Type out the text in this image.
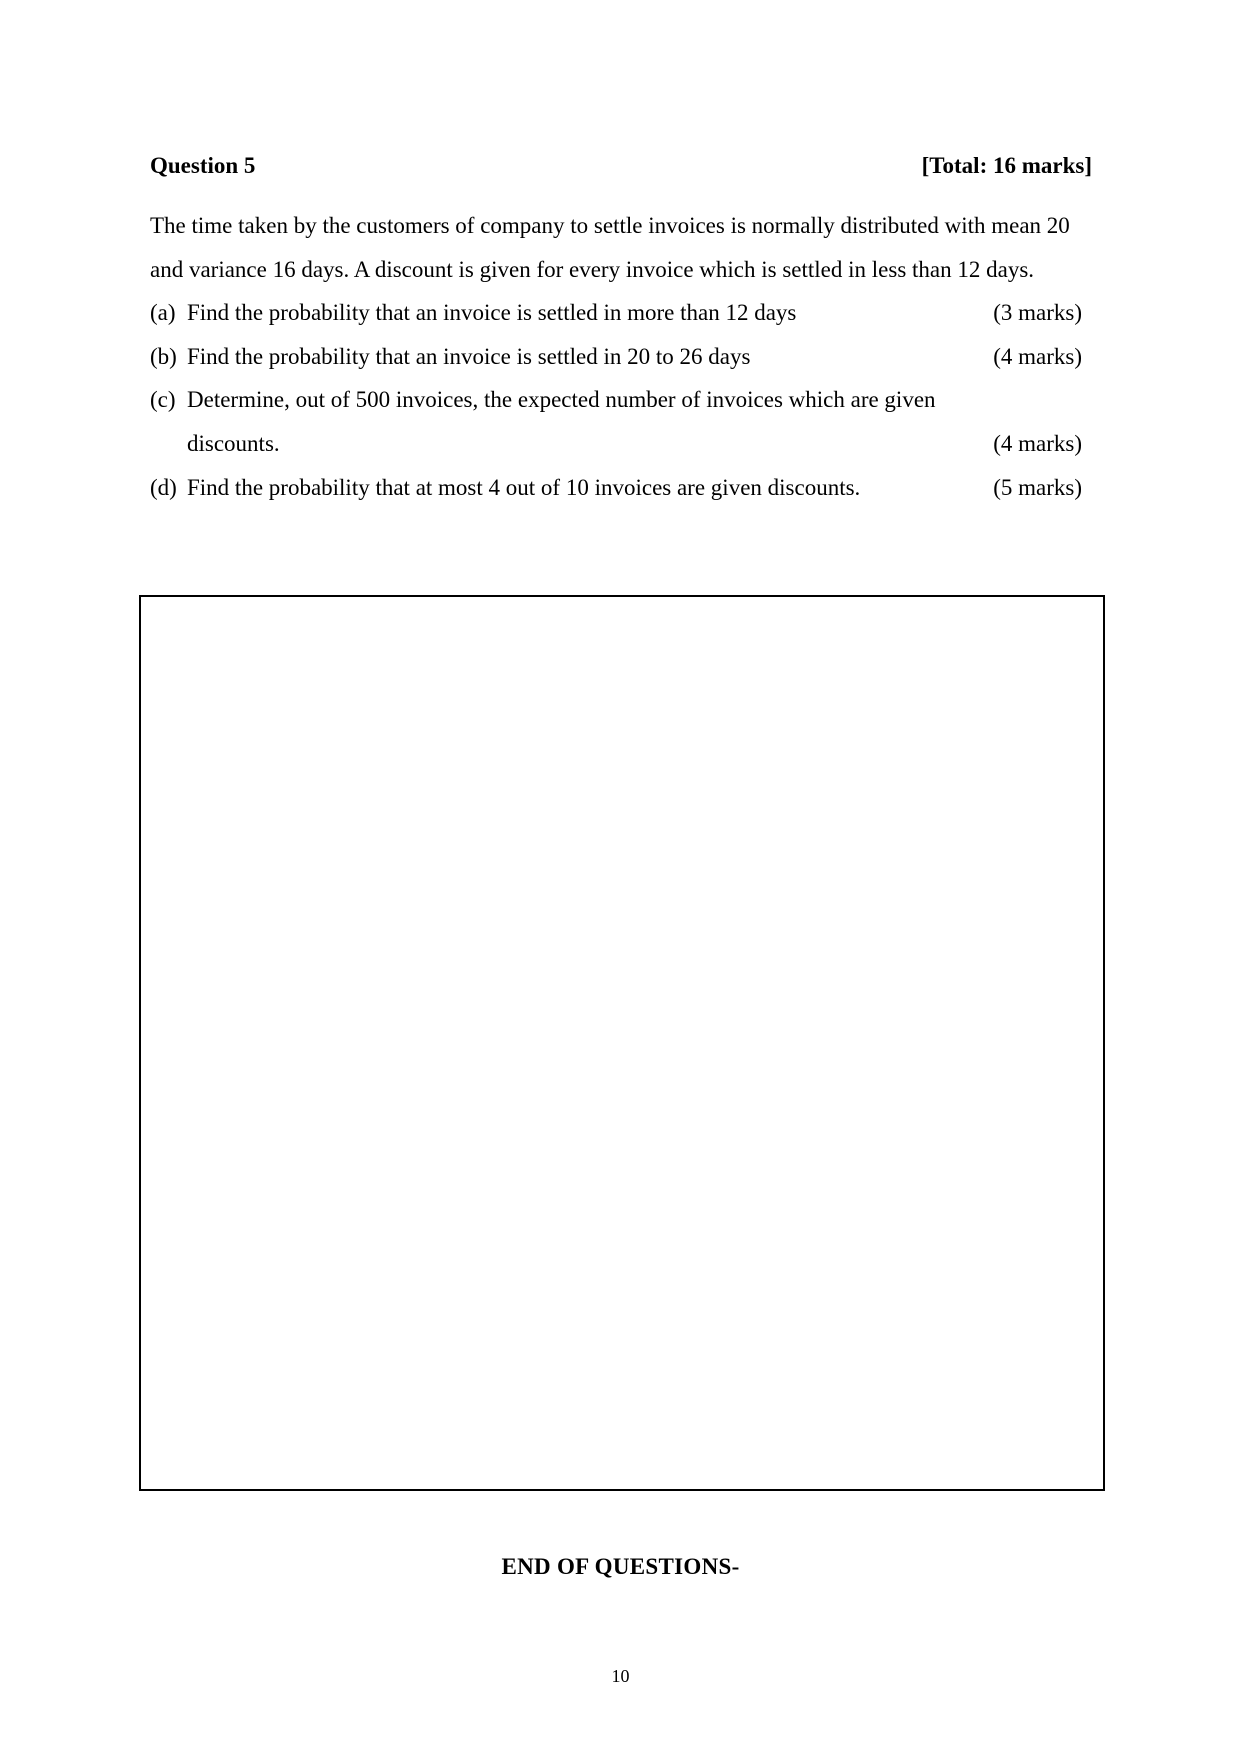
Question 5	[Total: 16 marks]

The time taken by the customers of company to settle invoices is normally distributed with mean 20 and variance 16 days. A discount is given for every invoice which is settled in less than 12 days.

(a) Find the probability that an invoice is settled in more than 12 days	(3 marks)
(b) Find the probability that an invoice is settled in 20 to 26 days	(4 marks)
(c) Determine, out of 500 invoices, the expected number of invoices which are given
discounts.	(4 marks)
(d) Find the probability that at most 4 out of 10 invoices are given discounts.	(5 marks)
END OF QUESTIONS-
10
